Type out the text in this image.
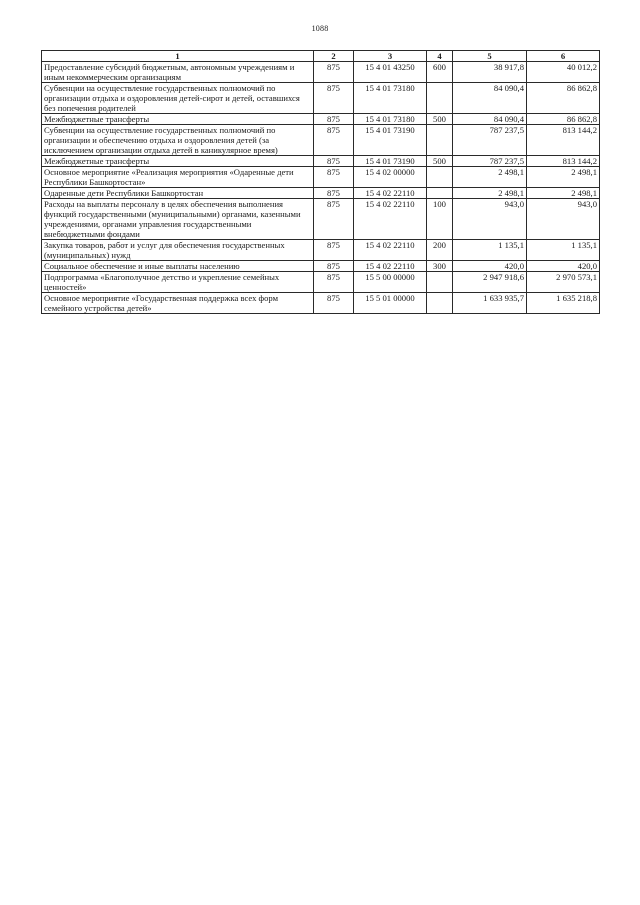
1088
1	2	3	4	5	6
Предоставление субсидий бюджетным, автономным учреждениям и иным некоммерческим организациям	875	15 4 01 43250	600	38 917,8	40 012,2
Субвенции на осуществление государственных полномочий по организации отдыха и оздоровления детей-сирот и детей, оставшихся без попечения родителей	875	15 4 01 73180		84 090,4	86 862,8
Межбюджетные трансферты	875	15 4 01 73180	500	84 090,4	86 862,8
Субвенции на осуществление государственных полномочий по организации и обеспечению отдыха и оздоровления детей (за исключением организации отдыха детей в каникулярное время)	875	15 4 01 73190		787 237,5	813 144,2
Межбюджетные трансферты	875	15 4 01 73190	500	787 237,5	813 144,2
Основное мероприятие «Реализация мероприятия «Одаренные дети Республики Башкортостан»	875	15 4 02 00000		2 498,1	2 498,1
Одаренные дети Республики Башкортостан	875	15 4 02 22110		2 498,1	2 498,1
Расходы на выплаты персоналу в целях обеспечения выполнения функций государственными (муниципальными) органами, казенными учреждениями, органами управления государственными внебюджетными фондами	875	15 4 02 22110	100	943,0	943,0
Закупка товаров, работ и услуг для обеспечения государственных (муниципальных) нужд	875	15 4 02 22110	200	1 135,1	1 135,1
Социальное обеспечение и иные выплаты населению	875	15 4 02 22110	300	420,0	420,0
Подпрограмма «Благополучное детство и укрепление семейных ценностей»	875	15 5 00 00000		2 947 918,6	2 970 573,1
Основное мероприятие «Государственная поддержка всех форм семейного устройства детей»	875	15 5 01 00000		1 633 935,7	1 635 218,8
